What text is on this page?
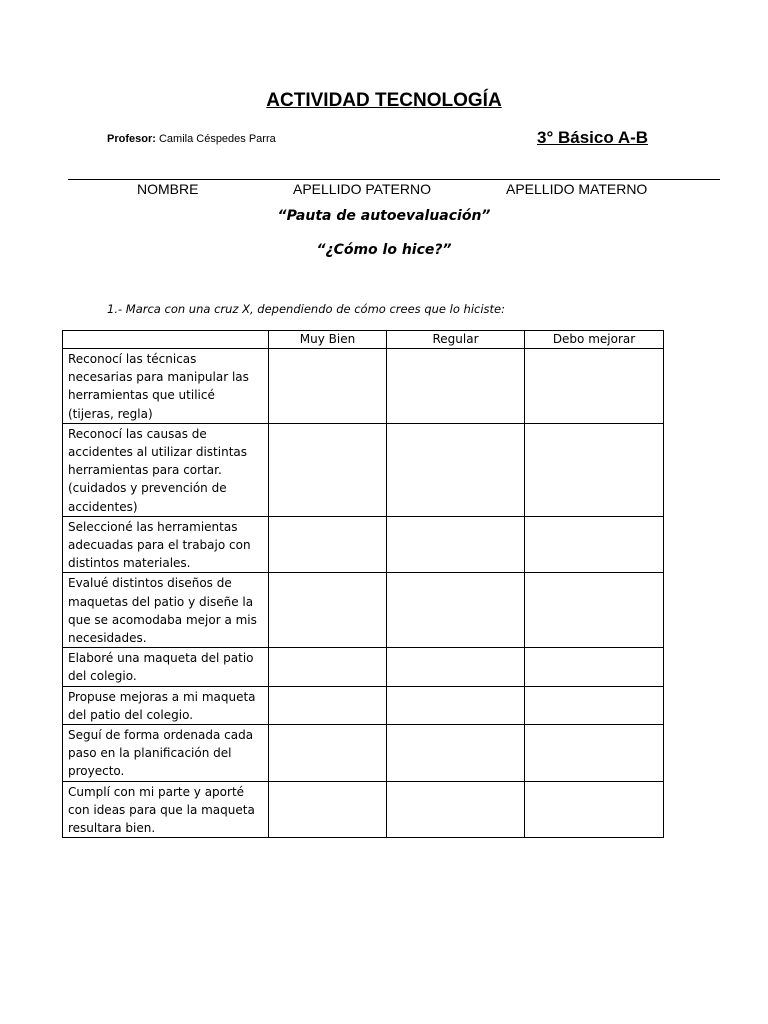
ACTIVIDAD TECNOLOGÍA
Profesor: Camila Céspedes Parra	3° Básico A-B
NOMBRE	APELLIDO PATERNO	APELLIDO MATERNO
“Pauta de autoevaluación”
“¿Cómo lo hice?”
1.- Marca con una cruz X, dependiendo de cómo crees que lo hiciste:
	Muy Bien	Regular	Debo mejorar
Reconocí las técnicas necesarias para manipular las herramientas que utilicé (tijeras, regla)			
Reconocí las causas de accidentes al utilizar distintas herramientas para cortar. (cuidados y prevención de accidentes)			
Seleccioné las herramientas adecuadas para el trabajo con distintos materiales.			
Evalué distintos diseños de maquetas del patio y diseñe la que se acomodaba mejor a mis necesidades.			
Elaboré una maqueta del patio del colegio.			
Propuse mejoras a mi maqueta del patio del colegio.			
Seguí de forma ordenada cada paso en la planificación del proyecto.			
Cumplí con mi parte y aporté con ideas para que la maqueta resultara bien.			
